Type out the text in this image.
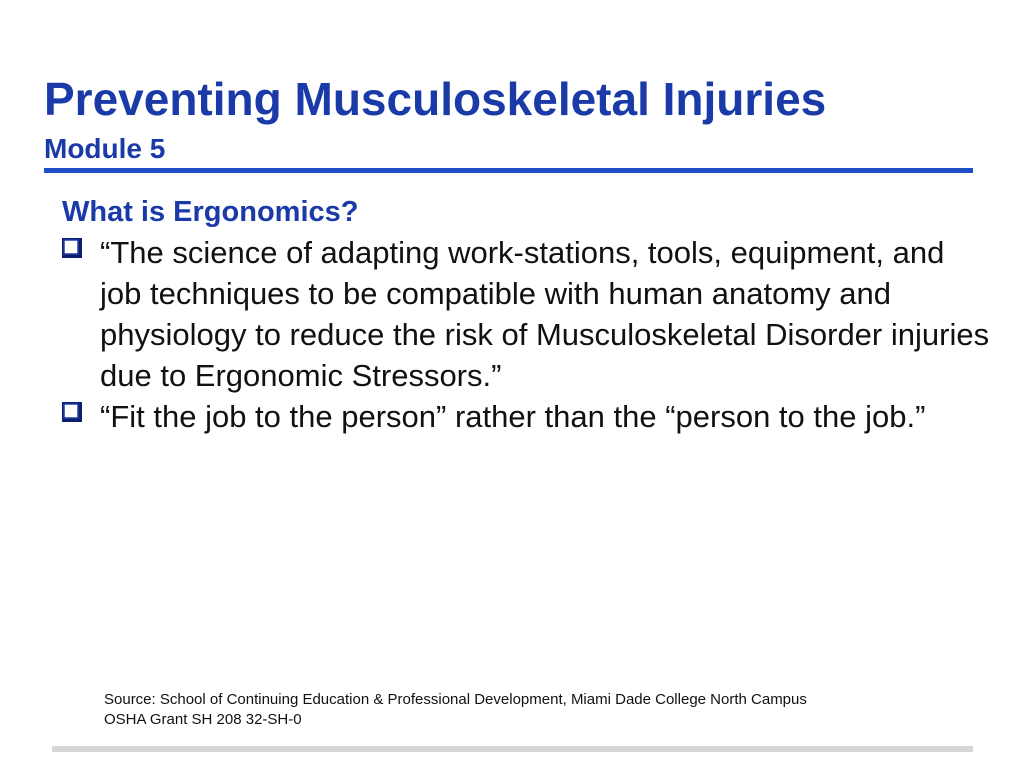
Preventing Musculoskeletal Injuries
Module 5
What is Ergonomics?
“The science of adapting work-stations, tools, equipment, and job techniques to be compatible with human anatomy and physiology to reduce the risk of Musculoskeletal Disorder injuries due to Ergonomic Stressors.”
“Fit the job to the person” rather than the “person to the job.”
Source: School of Continuing Education & Professional Development, Miami Dade College North Campus
OSHA Grant SH 208 32-SH-0
